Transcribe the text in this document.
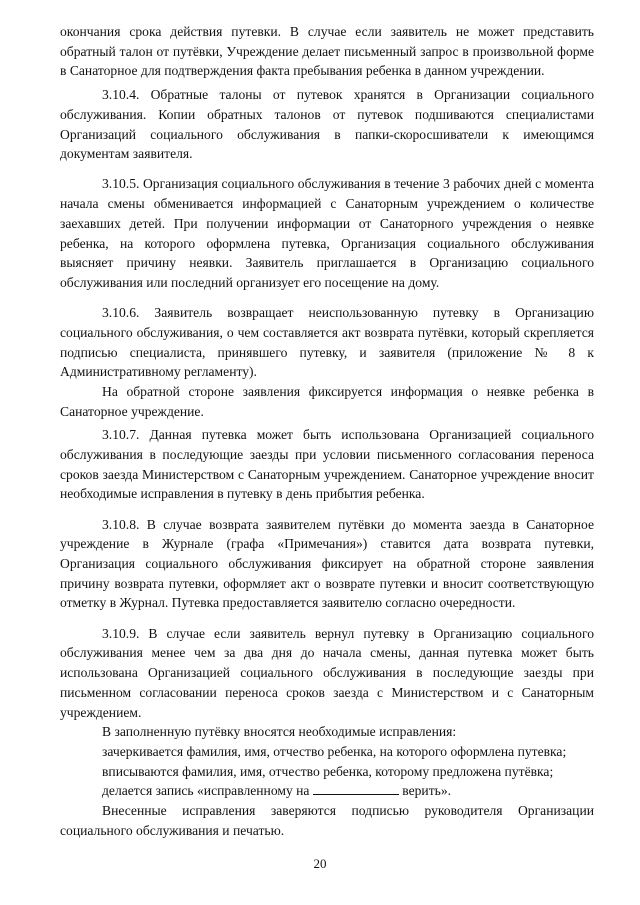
окончания срока действия путевки. В случае если заявитель не может представить обратный талон от путёвки, Учреждение делает письменный запрос в произвольной форме в Санаторное для подтверждения факта пребывания ребенка в данном учреждении.

3.10.4. Обратные талоны от путевок хранятся в Организации социального обслуживания. Копии обратных талонов от путевок подшиваются специалистами Организаций социального обслуживания в папки-скоросшиватели к имеющимся документам заявителя.

3.10.5. Организация социального обслуживания в течение 3 рабочих дней с момента начала смены обменивается информацией с Санаторным учреждением о количестве заехавших детей. При получении информации от Санаторного учреждения о неявке ребенка, на которого оформлена путевка, Организация социального обслуживания выясняет причину неявки. Заявитель приглашается в Организацию социального обслуживания или последний организует его посещение на дому.

3.10.6. Заявитель возвращает неиспользованную путевку в Организацию социального обслуживания, о чем составляется акт возврата путёвки, который скрепляется подписью специалиста, принявшего путевку, и заявителя (приложение № 8 к Административному регламенту).

На обратной стороне заявления фиксируется информация о неявке ребенка в Санаторное учреждение.

3.10.7. Данная путевка может быть использована Организацией социального обслуживания в последующие заезды при условии письменного согласования переноса сроков заезда Министерством с Санаторным учреждением. Санаторное учреждение вносит необходимые исправления в путевку в день прибытия ребенка.

3.10.8. В случае возврата заявителем путёвки до момента заезда в Санаторное учреждение в Журнале (графа «Примечания») ставится дата возврата путевки, Организация социального обслуживания фиксирует на обратной стороне заявления причину возврата путевки, оформляет акт о возврате путевки и вносит соответствующую отметку в Журнал. Путевка предоставляется заявителю согласно очередности.

3.10.9. В случае если заявитель вернул путевку в Организацию социального обслуживания менее чем за два дня до начала смены, данная путевка может быть использована Организацией социального обслуживания в последующие заезды при письменном согласовании переноса сроков заезда с Министерством и с Санаторным учреждением.

В заполненную путёвку вносятся необходимые исправления:

зачеркивается фамилия, имя, отчество ребенка, на которого оформлена путевка;

вписываются фамилия, имя, отчество ребенка, которому предложена путёвка;

делается запись «исправленному на	верить».

Внесенные исправления заверяются подписью руководителя Организации социального обслуживания и печатью.

20
